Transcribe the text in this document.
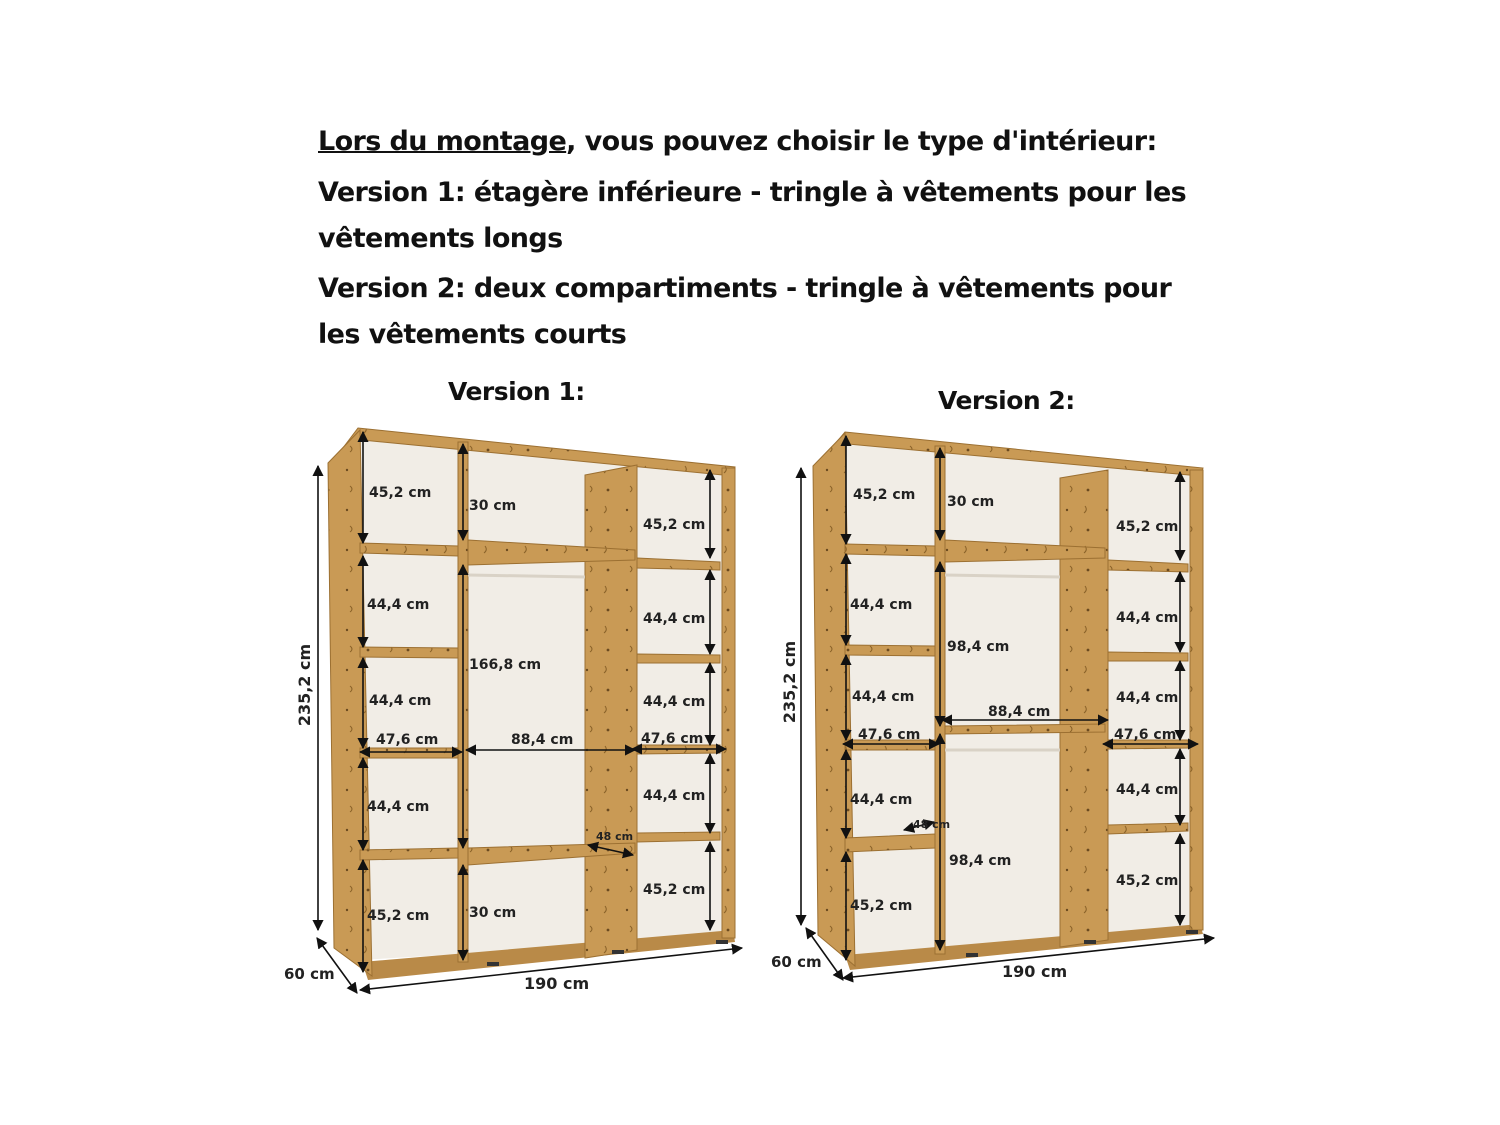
Lors du montage, vous pouvez choisir le type d'intérieur:

Version 1: étagère inférieure - tringle à vêtements pour les vêtements longs

Version 2: deux compartiments - tringle à vêtements pour les vêtements courts

Version 1:	Version 2:
235,2 cm
60 cm	190 cm
45,2 cm
44,4 cm
44,4 cm
47,6 cm
44,4 cm
45,2 cm
30 cm
166,8 cm
88,4 cm
48 cm
30 cm
45,2 cm
44,4 cm
44,4 cm
47,6 cm
44,4 cm
45,2 cm
235,2 cm
60 cm	190 cm
45,2 cm
44,4 cm
44,4 cm
47,6 cm
44,4 cm
48 cm
45,2 cm
30 cm
98,4 cm
88,4 cm
98,4 cm
45,2 cm
44,4 cm
44,4 cm
47,6 cm
44,4 cm
45,2 cm
